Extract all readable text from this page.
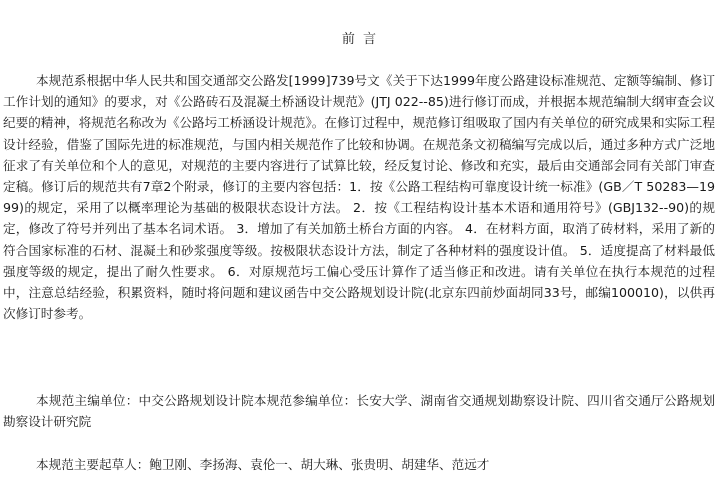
前 言

本规范系根据中华人民共和国交通部交公路发[1999]739号文《关于下达1999年度公路建设标准规范、定额等编制、修订工作计划的通知》的要求，对《公路砖石及混凝土桥涵设计规范》(JTJ 022--85)进行修订而成，并根据本规范编制大纲审查会议纪要的精神，将规范名称改为《公路圬工桥涵设计规范》。在修订过程中，规范修订组吸取了国内有关单位的研究成果和实际工程设计经验，借鉴了国际先进的标准规范，与国内相关规范作了比较和协调。在规范条文初稿编写完成以后，通过多种方式广泛地征求了有关单位和个人的意见，对规范的主要内容进行了试算比较，经反复讨论、修改和充实，最后由交通部会同有关部门审查定稿。修订后的规范共有7章2个附录，修订的主要内容包括：1．按《公路工程结构可靠度设计统一标准》(GB／T 50283—1999)的规定，采用了以概率理论为基础的极限状态设计方法。 2．按《工程结构设计基本术语和通用符号》(GBJ132--90)的规定，修改了符号并列出了基本名词术语。 3．增加了有关加筋土桥台方面的内容。 4．在材料方面，取消了砖材料，采用了新的符合国家标准的石材、混凝土和砂浆强度等级。按极限状态设计方法，制定了各种材料的强度设计值。 5．适度提高了材料最低强度等级的规定，提出了耐久性要求。 6．对原规范圬工偏心受压计算作了适当修正和改进。请有关单位在执行本规范的过程中，注意总结经验，积累资料，随时将问题和建议函告中交公路规划设计院(北京东四前炒面胡同33号，邮编100010)，以供再次修订时参考。

本规范主编单位：中交公路规划设计院本规范参编单位：长安大学、湖南省交通规划勘察设计院、四川省交通厅公路规划勘察设计研究院

本规范主要起草人：鲍卫刚、李扬海、袁伦一、胡大琳、张贵明、胡建华、范远才
